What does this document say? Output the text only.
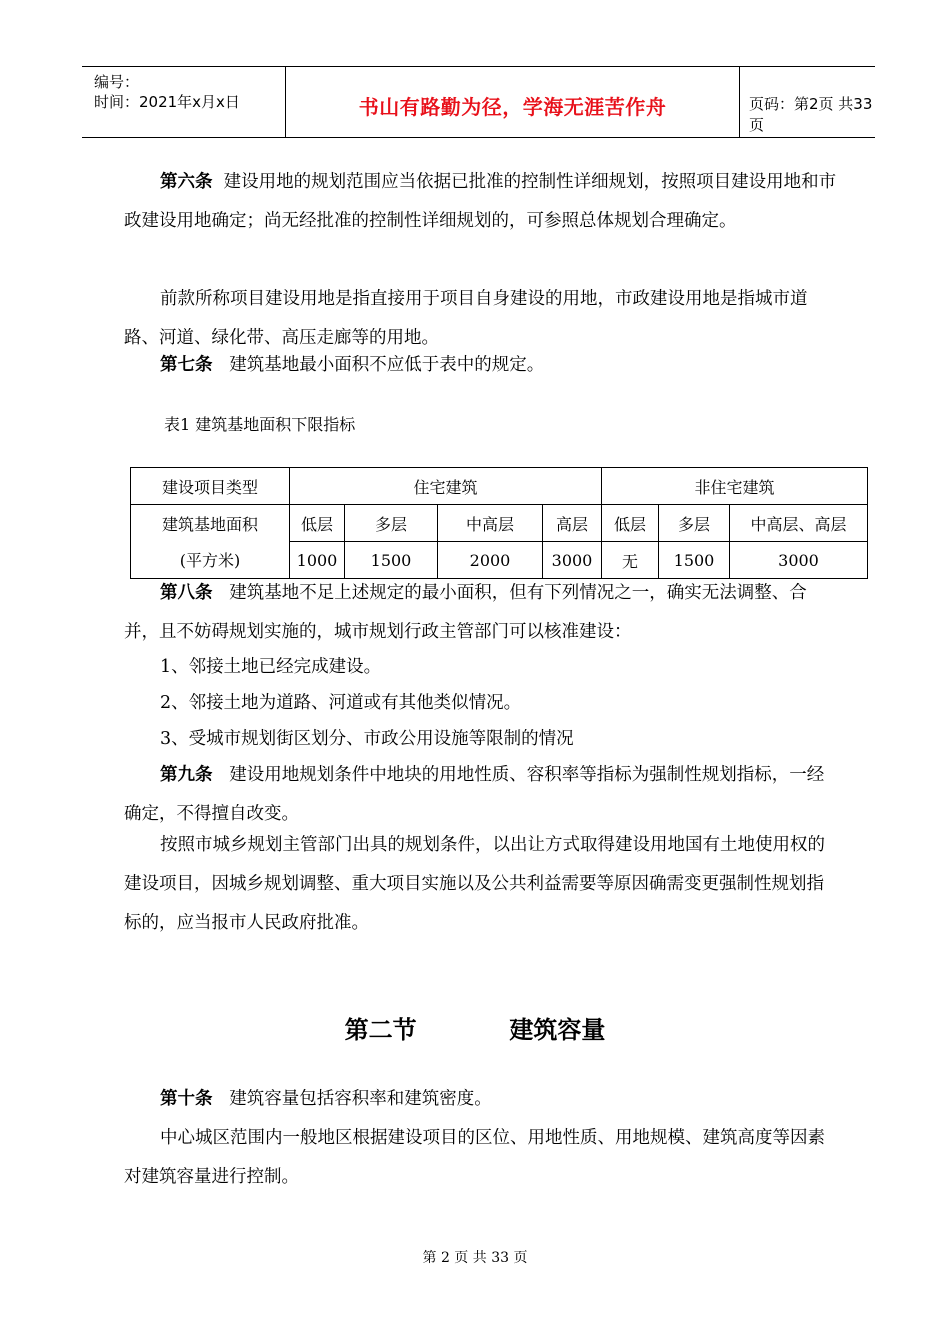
编号：
时间：2021年x月x日	书山有路勤为径，学海无涯苦作舟	页码：第2页 共33页
第六条 建设用地的规划范围应当依据已批准的控制性详细规划，按照项目建设用地和市政建设用地确定；尚无经批准的控制性详细规划的，可参照总体规划合理确定。
前款所称项目建设用地是指直接用于项目自身建设的用地，市政建设用地是指城市道路、河道、绿化带、高压走廊等的用地。
第七条 建筑基地最小面积不应低于表中的规定。
表1 建筑基地面积下限指标
建设项目类型	住宅建筑				非住宅建筑		
建筑基地面积	低层	多层	中高层	高层	低层	多层	中高层、高层
(平方米)	1000	1500	2000	3000	无	1500	3000
第八条 建筑基地不足上述规定的最小面积，但有下列情况之一，确实无法调整、合并，且不妨碍规划实施的，城市规划行政主管部门可以核准建设：
1、邻接土地已经完成建设。
2、邻接土地为道路、河道或有其他类似情况。
3、受城市规划街区划分、市政公用设施等限制的情况
第九条 建设用地规划条件中地块的用地性质、容积率等指标为强制性规划指标，一经确定，不得擅自改变。
按照市城乡规划主管部门出具的规划条件，以出让方式取得建设用地国有土地使用权的建设项目，因城乡规划调整、重大项目实施以及公共利益需要等原因确需变更强制性规划指标的，应当报市人民政府批准。
第二节	建筑容量
第十条 建筑容量包括容积率和建筑密度。
中心城区范围内一般地区根据建设项目的区位、用地性质、用地规模、建筑高度等因素对建筑容量进行控制。
第 2 页 共 33 页
